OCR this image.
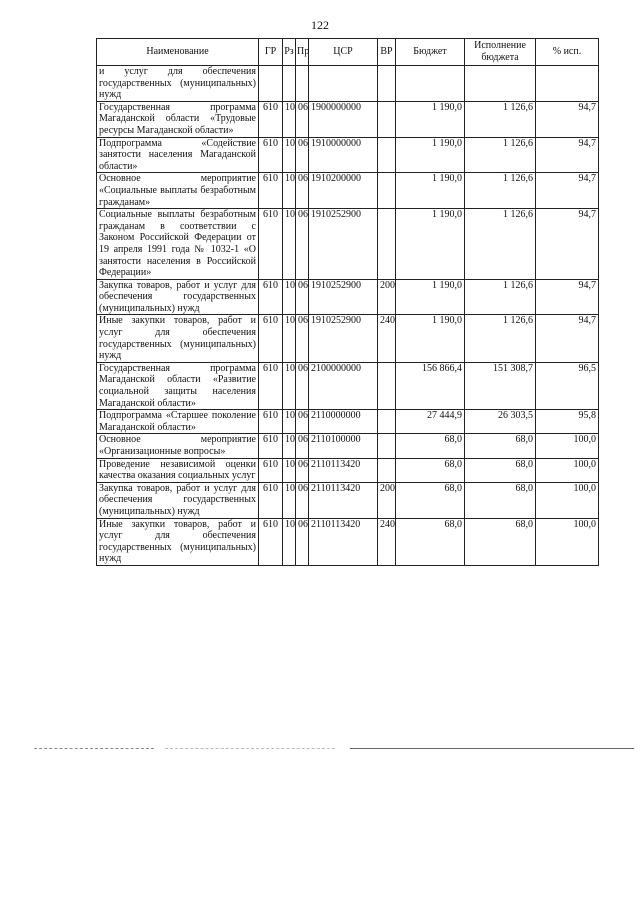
122
Наименование	ГР	Рз	Пр	ЦСР	ВР	Бюджет	Исполнение бюджета	% исп.
и услуг для обеспечения государственных (муниципальных) нужд								
Государственная программа Магаданской области «Трудовые ресурсы Магаданской области»	610	10	06	1900000000		1 190,0	1 126,6	94,7
Подпрограмма «Содействие занятости населения Магаданской области»	610	10	06	1910000000		1 190,0	1 126,6	94,7
Основное мероприятие «Социальные выплаты безработным гражданам»	610	10	06	1910200000		1 190,0	1 126,6	94,7
Социальные выплаты безработным гражданам в соответствии с Законом Российской Федерации от 19 апреля 1991 года № 1032-1 «О занятости населения в Российской Федерации»	610	10	06	1910252900		1 190,0	1 126,6	94,7
Закупка товаров, работ и услуг для обеспечения государственных (муниципальных) нужд	610	10	06	1910252900	200	1 190,0	1 126,6	94,7
Иные закупки товаров, работ и услуг для обеспечения государственных (муниципальных) нужд	610	10	06	1910252900	240	1 190,0	1 126,6	94,7
Государственная программа Магаданской области «Развитие социальной защиты населения Магаданской области»	610	10	06	2100000000		156 866,4	151 308,7	96,5
Подпрограмма «Старшее поколение Магаданской области»	610	10	06	2110000000		27 444,9	26 303,5	95,8
Основное мероприятие «Организационные вопросы»	610	10	06	2110100000		68,0	68,0	100,0
Проведение независимой оценки качества оказания социальных услуг	610	10	06	2110113420		68,0	68,0	100,0
Закупка товаров, работ и услуг для обеспечения государственных (муниципальных) нужд	610	10	06	2110113420	200	68,0	68,0	100,0
Иные закупки товаров, работ и услуг для обеспечения государственных (муниципальных) нужд	610	10	06	2110113420	240	68,0	68,0	100,0
